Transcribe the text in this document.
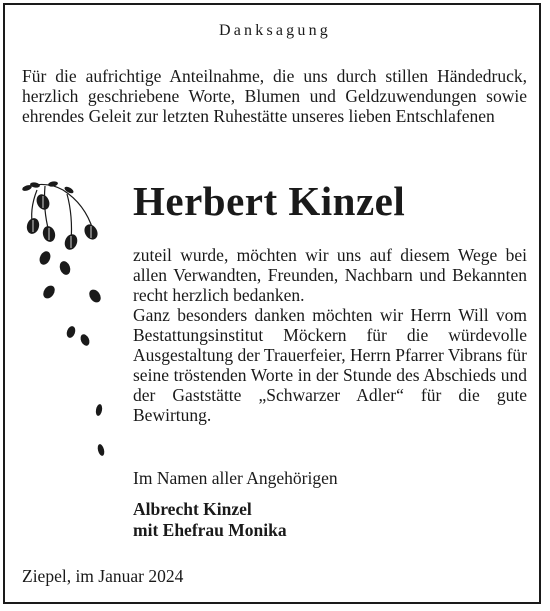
Danksagung

Für die aufrichtige Anteilnahme, die uns durch stillen Händedruck, herzlich geschriebene Worte, Blumen und Geldzuwendungen sowie ehrendes Geleit zur letzten Ruhestätte unseres lieben Entschlafenen

Herbert Kinzel

zuteil wurde, möchten wir uns auf diesem Wege bei allen Verwandten, Freunden, Nachbarn und Bekannten recht herzlich bedanken.

Ganz besonders danken möchten wir Herrn Will vom Bestattungsinstitut Möckern für die würdevolle Ausgestaltung der Trauerfeier, Herrn Pfarrer Vibrans für seine tröstenden Worte in der Stunde des Abschieds und der Gaststätte „Schwarzer Adler“ für die gute Bewirtung.

Im Namen aller Angehörigen
Albrecht Kinzel
mit Ehefrau Monika
Ziepel, im Januar 2024
